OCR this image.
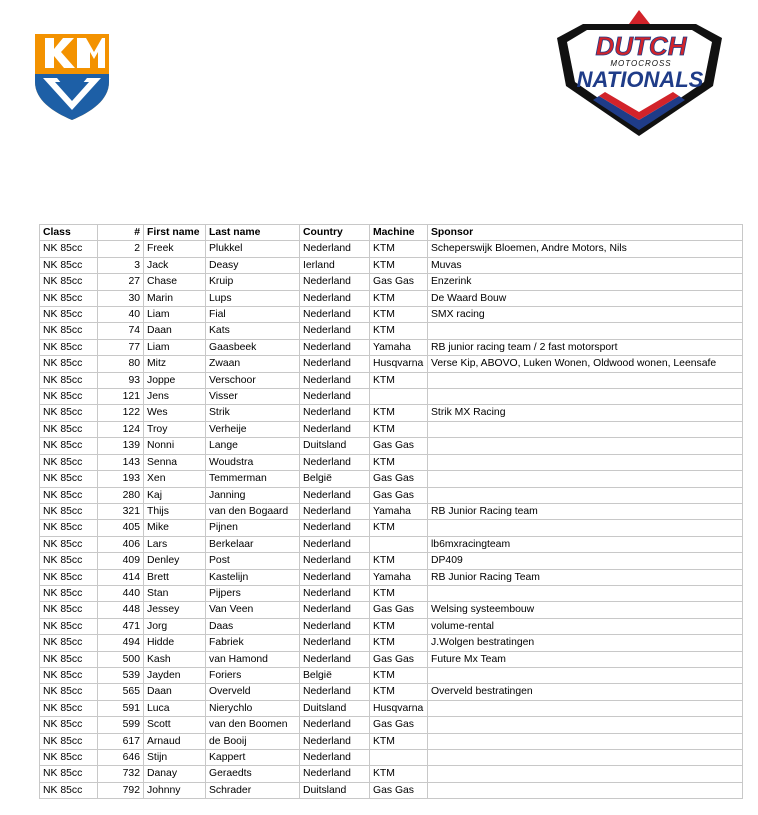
DUTCH
MOTOCROSS
NATIONALS
Class	#	First name	Last name	Country	Machine	Sponsor
NK 85cc	2	Freek	Plukkel	Nederland	KTM	Scheperswijk Bloemen, Andre Motors, Nils
NK 85cc	3	Jack	Deasy	Ierland	KTM	Muvas
NK 85cc	27	Chase	Kruip	Nederland	Gas Gas	Enzerink
NK 85cc	30	Marin	Lups	Nederland	KTM	De Waard Bouw
NK 85cc	40	Liam	Fial	Nederland	KTM	SMX racing
NK 85cc	74	Daan	Kats	Nederland	KTM	
NK 85cc	77	Liam	Gaasbeek	Nederland	Yamaha	RB junior racing team / 2 fast motorsport
NK 85cc	80	Mitz	Zwaan	Nederland	Husqvarna	Verse Kip, ABOVO, Luken Wonen, Oldwood wonen, Leensafe
NK 85cc	93	Joppe	Verschoor	Nederland	KTM	
NK 85cc	121	Jens	Visser	Nederland		
NK 85cc	122	Wes	Strik	Nederland	KTM	Strik MX Racing
NK 85cc	124	Troy	Verheije	Nederland	KTM	
NK 85cc	139	Nonni	Lange	Duitsland	Gas Gas	
NK 85cc	143	Senna	Woudstra	Nederland	KTM	
NK 85cc	193	Xen	Temmerman	België	Gas Gas	
NK 85cc	280	Kaj	Janning	Nederland	Gas Gas	
NK 85cc	321	Thijs	van den Bogaard	Nederland	Yamaha	RB Junior Racing team
NK 85cc	405	Mike	Pijnen	Nederland	KTM	
NK 85cc	406	Lars	Berkelaar	Nederland		lb6mxracingteam
NK 85cc	409	Denley	Post	Nederland	KTM	DP409
NK 85cc	414	Brett	Kastelijn	Nederland	Yamaha	RB Junior Racing Team
NK 85cc	440	Stan	Pijpers	Nederland	KTM	
NK 85cc	448	Jessey	Van Veen	Nederland	Gas Gas	Welsing systeembouw
NK 85cc	471	Jorg	Daas	Nederland	KTM	volume-rental
NK 85cc	494	Hidde	Fabriek	Nederland	KTM	J.Wolgen bestratingen
NK 85cc	500	Kash	van Hamond	Nederland	Gas Gas	Future Mx Team
NK 85cc	539	Jayden	Foriers	België	KTM	
NK 85cc	565	Daan	Overveld	Nederland	KTM	Overveld bestratingen
NK 85cc	591	Luca	Nierychlo	Duitsland	Husqvarna	
NK 85cc	599	Scott	van den Boomen	Nederland	Gas Gas	
NK 85cc	617	Arnaud	de Booij	Nederland	KTM	
NK 85cc	646	Stijn	Kappert	Nederland		
NK 85cc	732	Danay	Geraedts	Nederland	KTM	
NK 85cc	792	Johnny	Schrader	Duitsland	Gas Gas	
